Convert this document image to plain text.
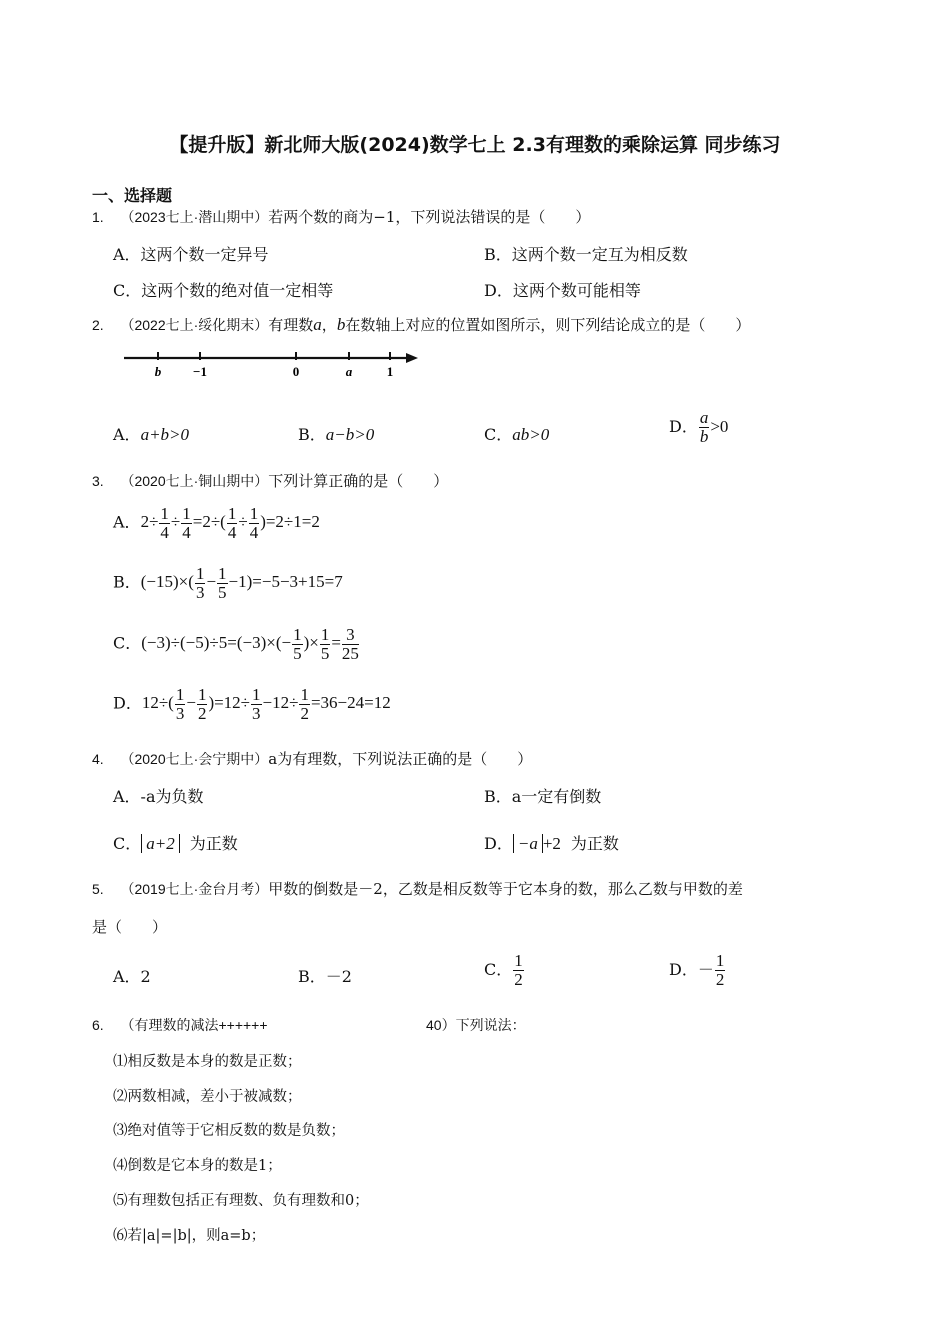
【提升版】新北师大版(2024)数学七上 2.3有理数的乘除运算 同步练习
一、选择题
1. （2023七上·潜山期中）若两个数的商为−1，下列说法错误的是（　　）
A．这两个数一定异号	B．这两个数一定互为相反数
C．这两个数的绝对值一定相等	D．这两个数可能相等
2. （2022七上·绥化期末）有理数a，b在数轴上对应的位置如图所示，则下列结论成立的是（　　）
b −1	0	a	1
A．a+b>0	B．a−b>0	C．ab>0	D． $\frac{a}{b} >0$
3. （2020七上·铜山期中）下列计算正确的是（　　）
A．$2\div \frac{1}{4} \div \frac{1}{4} =2\div( \frac{1}{4} \div \frac{1}{4} )=2\div 1=2$
B．$(-15)\times( \frac{1}{3} - \frac{1}{5} -1)=-5-3+15=7$
C．$(-3)\div(-5)\div 5=(-3)\times(- \frac{1}{5}$ )× $\frac{1}{5} = \frac{3}{25}$
D．$12\div( \frac{1}{3} - \frac{1}{2} )=12\div \frac{1}{3} -12\div \frac{1}{2} =36-24=12$
4. （2020七上·会宁期中）a为有理数，下列说法正确的是（　　）
A．-a为负数	B．a一定有倒数
C． a+2 为正数	D． −a +2 为正数
5. （2019七上·金台月考）甲数的倒数是－2，乙数是相反数等于它本身的数，那么乙数与甲数的差
是（　　）
A．2	B．－2	C． $\frac{1}{2}$	D．－ $\frac{1}{2}$
6. （有理数的减法++++++	40）下列说法：
⑴相反数是本身的数是正数；
⑵两数相减，差小于被减数；
⑶绝对值等于它相反数的数是负数；
⑷倒数是它本身的数是1；
⑸有理数包括正有理数、负有理数和0；
⑹若|a|=|b|，则a=b；
